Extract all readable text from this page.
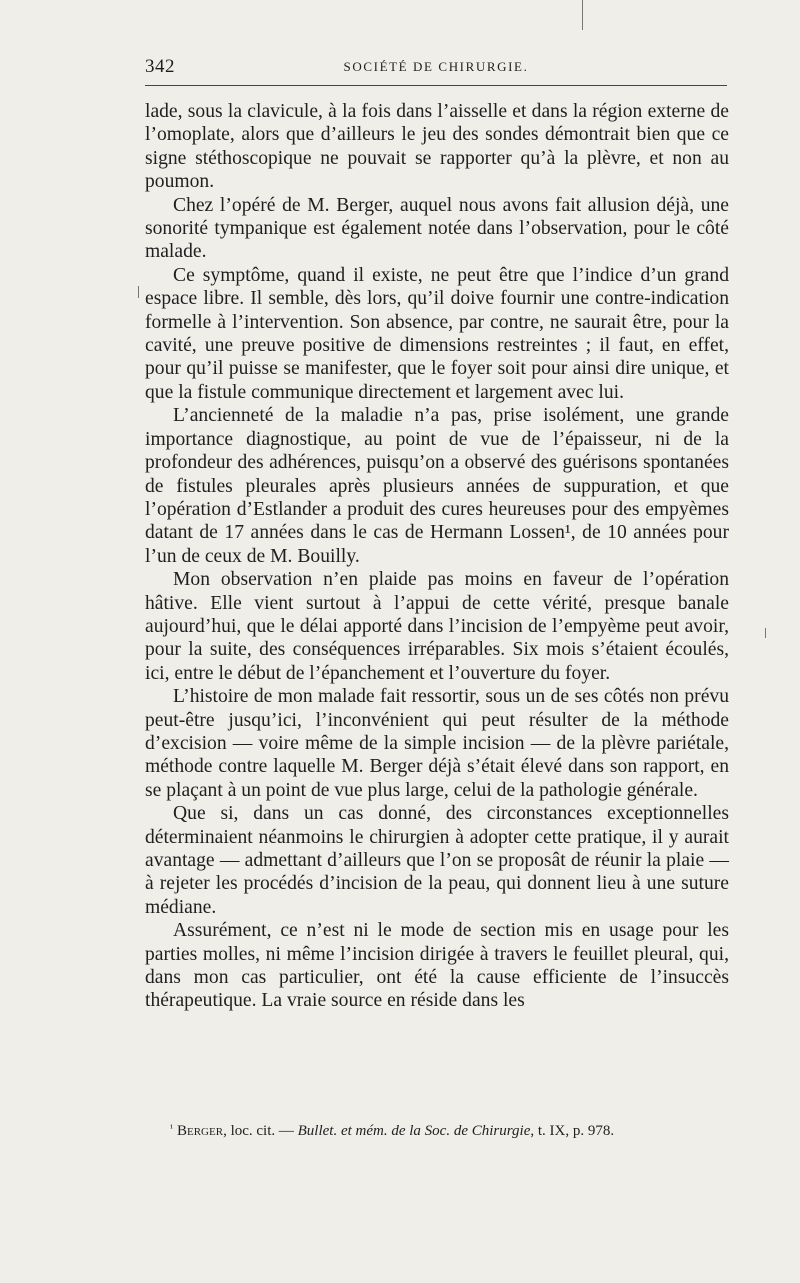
342	SOCIÉTÉ DE CHIRURGIE.

lade, sous la clavicule, à la fois dans l’aisselle et dans la région externe de l’omoplate, alors que d’ailleurs le jeu des sondes démontrait bien que ce signe stéthoscopique ne pouvait se rapporter qu’à la plèvre, et non au poumon.

Chez l’opéré de M. Berger, auquel nous avons fait allusion déjà, une sonorité tympanique est également notée dans l’observation, pour le côté malade.

Ce symptôme, quand il existe, ne peut être que l’indice d’un grand espace libre. Il semble, dès lors, qu’il doive fournir une contre-indication formelle à l’intervention. Son absence, par contre, ne saurait être, pour la cavité, une preuve positive de dimensions restreintes ; il faut, en effet, pour qu’il puisse se manifester, que le foyer soit pour ainsi dire unique, et que la fistule communique directement et largement avec lui.

L’ancienneté de la maladie n’a pas, prise isolément, une grande importance diagnostique, au point de vue de l’épaisseur, ni de la profondeur des adhérences, puisqu’on a observé des guérisons spontanées de fistules pleurales après plusieurs années de suppuration, et que l’opération d’Estlander a produit des cures heureuses pour des empyèmes datant de 17 années dans le cas de Hermann Lossen¹, de 10 années pour l’un de ceux de M. Bouilly.

Mon observation n’en plaide pas moins en faveur de l’opération hâtive. Elle vient surtout à l’appui de cette vérité, presque banale aujourd’hui, que le délai apporté dans l’incision de l’empyème peut avoir, pour la suite, des conséquences irréparables. Six mois s’étaient écoulés, ici, entre le début de l’épanchement et l’ouverture du foyer.

L’histoire de mon malade fait ressortir, sous un de ses côtés non prévu peut-être jusqu’ici, l’inconvénient qui peut résulter de la méthode d’excision — voire même de la simple incision — de la plèvre pariétale, méthode contre laquelle M. Berger déjà s’était élevé dans son rapport, en se plaçant à un point de vue plus large, celui de la pathologie générale.

Que si, dans un cas donné, des circonstances exceptionnelles déterminaient néanmoins le chirurgien à adopter cette pratique, il y aurait avantage — admettant d’ailleurs que l’on se proposât de réunir la plaie — à rejeter les procédés d’incision de la peau, qui donnent lieu à une suture médiane.

Assurément, ce n’est ni le mode de section mis en usage pour les parties molles, ni même l’incision dirigée à travers le feuillet pleural, qui, dans mon cas particulier, ont été la cause efficiente de l’insuccès thérapeutique. La vraie source en réside dans les

$^{^1}$ Berger, loc. cit. — Bullet. et mém. de la Soc. de Chirurgie, t. IX, p. 978.
